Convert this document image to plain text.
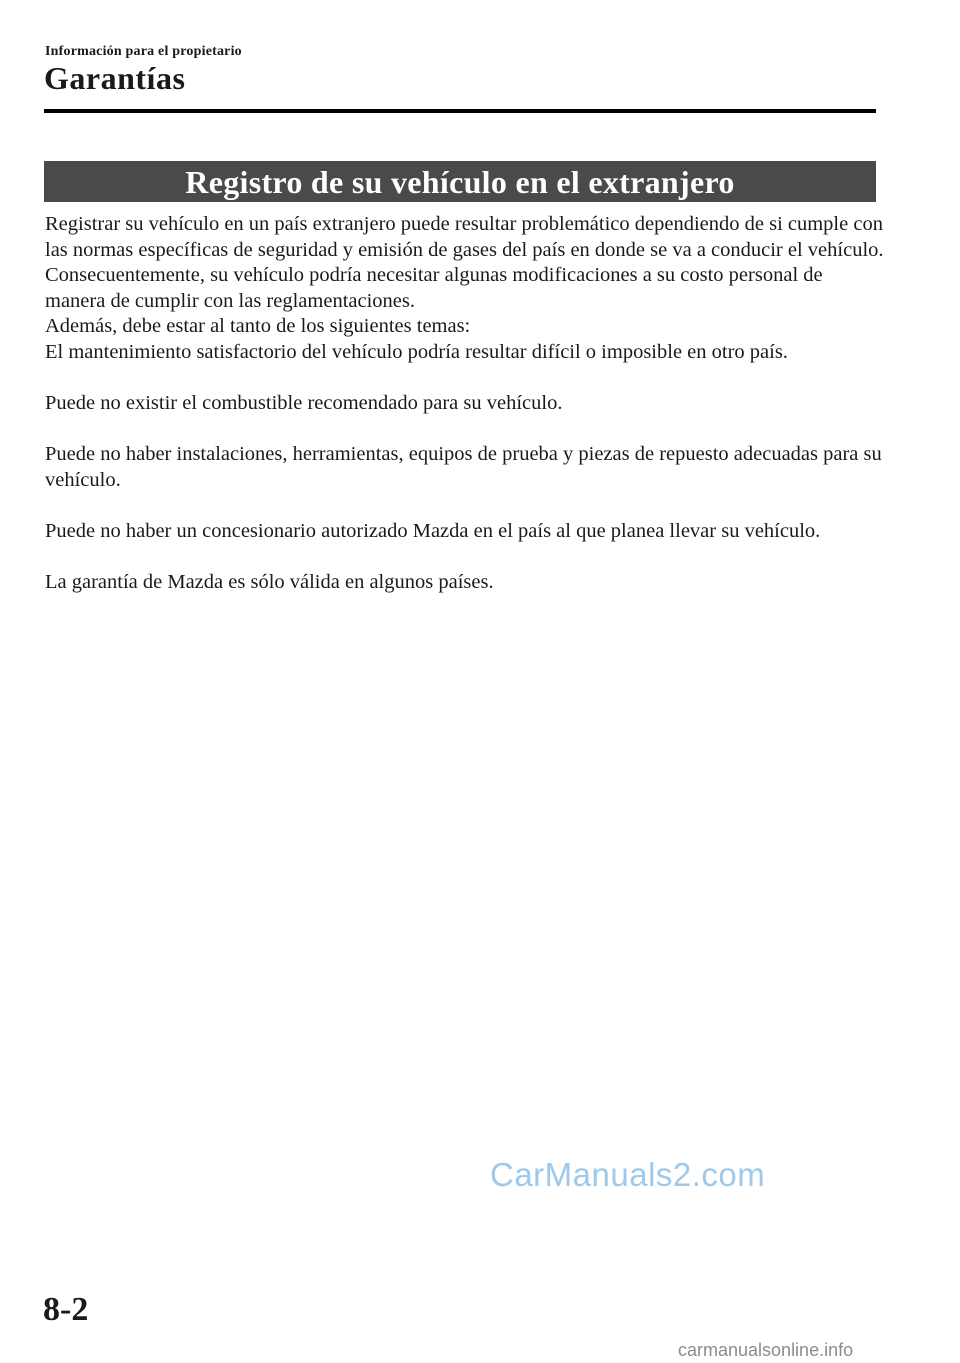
Información para el propietario
Garantías
Registro de su vehículo en el extranjero

Registrar su vehículo en un país extranjero puede resultar problemático dependiendo de si cumple con las normas específicas de seguridad y emisión de gases del país en donde se va a conducir el vehículo. Consecuentemente, su vehículo podría necesitar algunas modificaciones a su costo personal de manera de cumplir con las reglamentaciones.

Además, debe estar al tanto de los siguientes temas:

El mantenimiento satisfactorio del vehículo podría resultar difícil o imposible en otro país.

Puede no existir el combustible recomendado para su vehículo.

Puede no haber instalaciones, herramientas, equipos de prueba y piezas de repuesto adecuadas para su vehículo.

Puede no haber un concesionario autorizado Mazda en el país al que planea llevar su vehículo.

La garantía de Mazda es sólo válida en algunos países.

CarManuals2.com
8-2
carmanualsonline.info
